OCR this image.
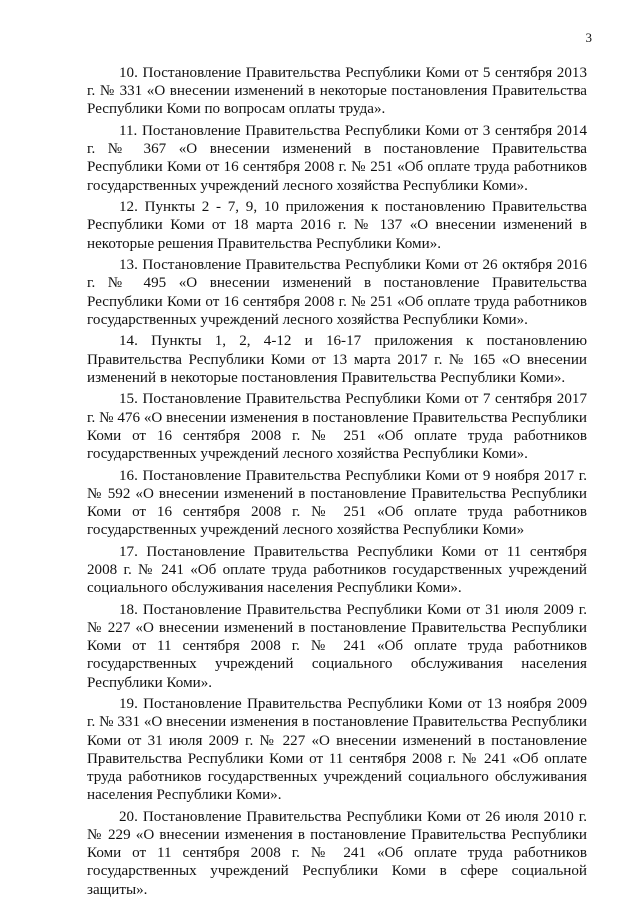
3

10. Постановление Правительства Республики Коми от 5 сентября 2013 г. № 331 «О внесении изменений в некоторые постановления Правительства Республики Коми по вопросам оплаты труда».

11. Постановление Правительства Республики Коми от 3 сентября 2014 г. № 367 «О внесении изменений в постановление Правительства Республики Коми от 16 сентября 2008 г. № 251 «Об оплате труда работников государственных учреждений лесного хозяйства Республики Коми».

12. Пункты 2 - 7, 9, 10 приложения к постановлению Правительства Республики Коми от 18 марта 2016 г. № 137 «О внесении изменений в некоторые решения Правительства Республики Коми».

13. Постановление Правительства Республики Коми от 26 октября 2016 г. № 495 «О внесении изменений в постановление Правительства Республики Коми от 16 сентября 2008 г. № 251 «Об оплате труда работников государственных учреждений лесного хозяйства Республики Коми».

14. Пункты 1, 2, 4-12 и 16-17 приложения к постановлению Правительства Республики Коми от 13 марта 2017 г. № 165 «О внесении изменений в некоторые постановления Правительства Республики Коми».

15. Постановление Правительства Республики Коми от 7 сентября 2017 г. № 476 «О внесении изменения в постановление Правительства Республики Коми от 16 сентября 2008 г. № 251 «Об оплате труда работников государственных учреждений лесного хозяйства Республики Коми».

16. Постановление Правительства Республики Коми от 9 ноября 2017 г. № 592 «О внесении изменений в постановление Правительства Республики Коми от 16 сентября 2008 г. № 251 «Об оплате труда работников государственных учреждений лесного хозяйства Республики Коми»

17. Постановление Правительства Республики Коми от 11 сентября 2008 г. № 241 «Об оплате труда работников государственных учреждений социального обслуживания населения Республики Коми».

18. Постановление Правительства Республики Коми от 31 июля 2009 г. № 227 «О внесении изменений в постановление Правительства Республики Коми от 11 сентября 2008 г. № 241 «Об оплате труда работников государственных учреждений социального обслуживания населения Республики Коми».

19. Постановление Правительства Республики Коми от 13 ноября 2009 г. № 331 «О внесении изменения в постановление Правительства Республики Коми от 31 июля 2009 г. № 227 «О внесении изменений в постановление Правительства Республики Коми от 11 сентября 2008 г. № 241 «Об оплате труда работников государственных учреждений социального обслуживания населения Республики Коми».

20. Постановление Правительства Республики Коми от 26 июля 2010 г. № 229 «О внесении изменения в постановление Правительства Республики Коми от 11 сентября 2008 г. № 241 «Об оплате труда работников государственных учреждений Республики Коми в сфере социальной защиты».
